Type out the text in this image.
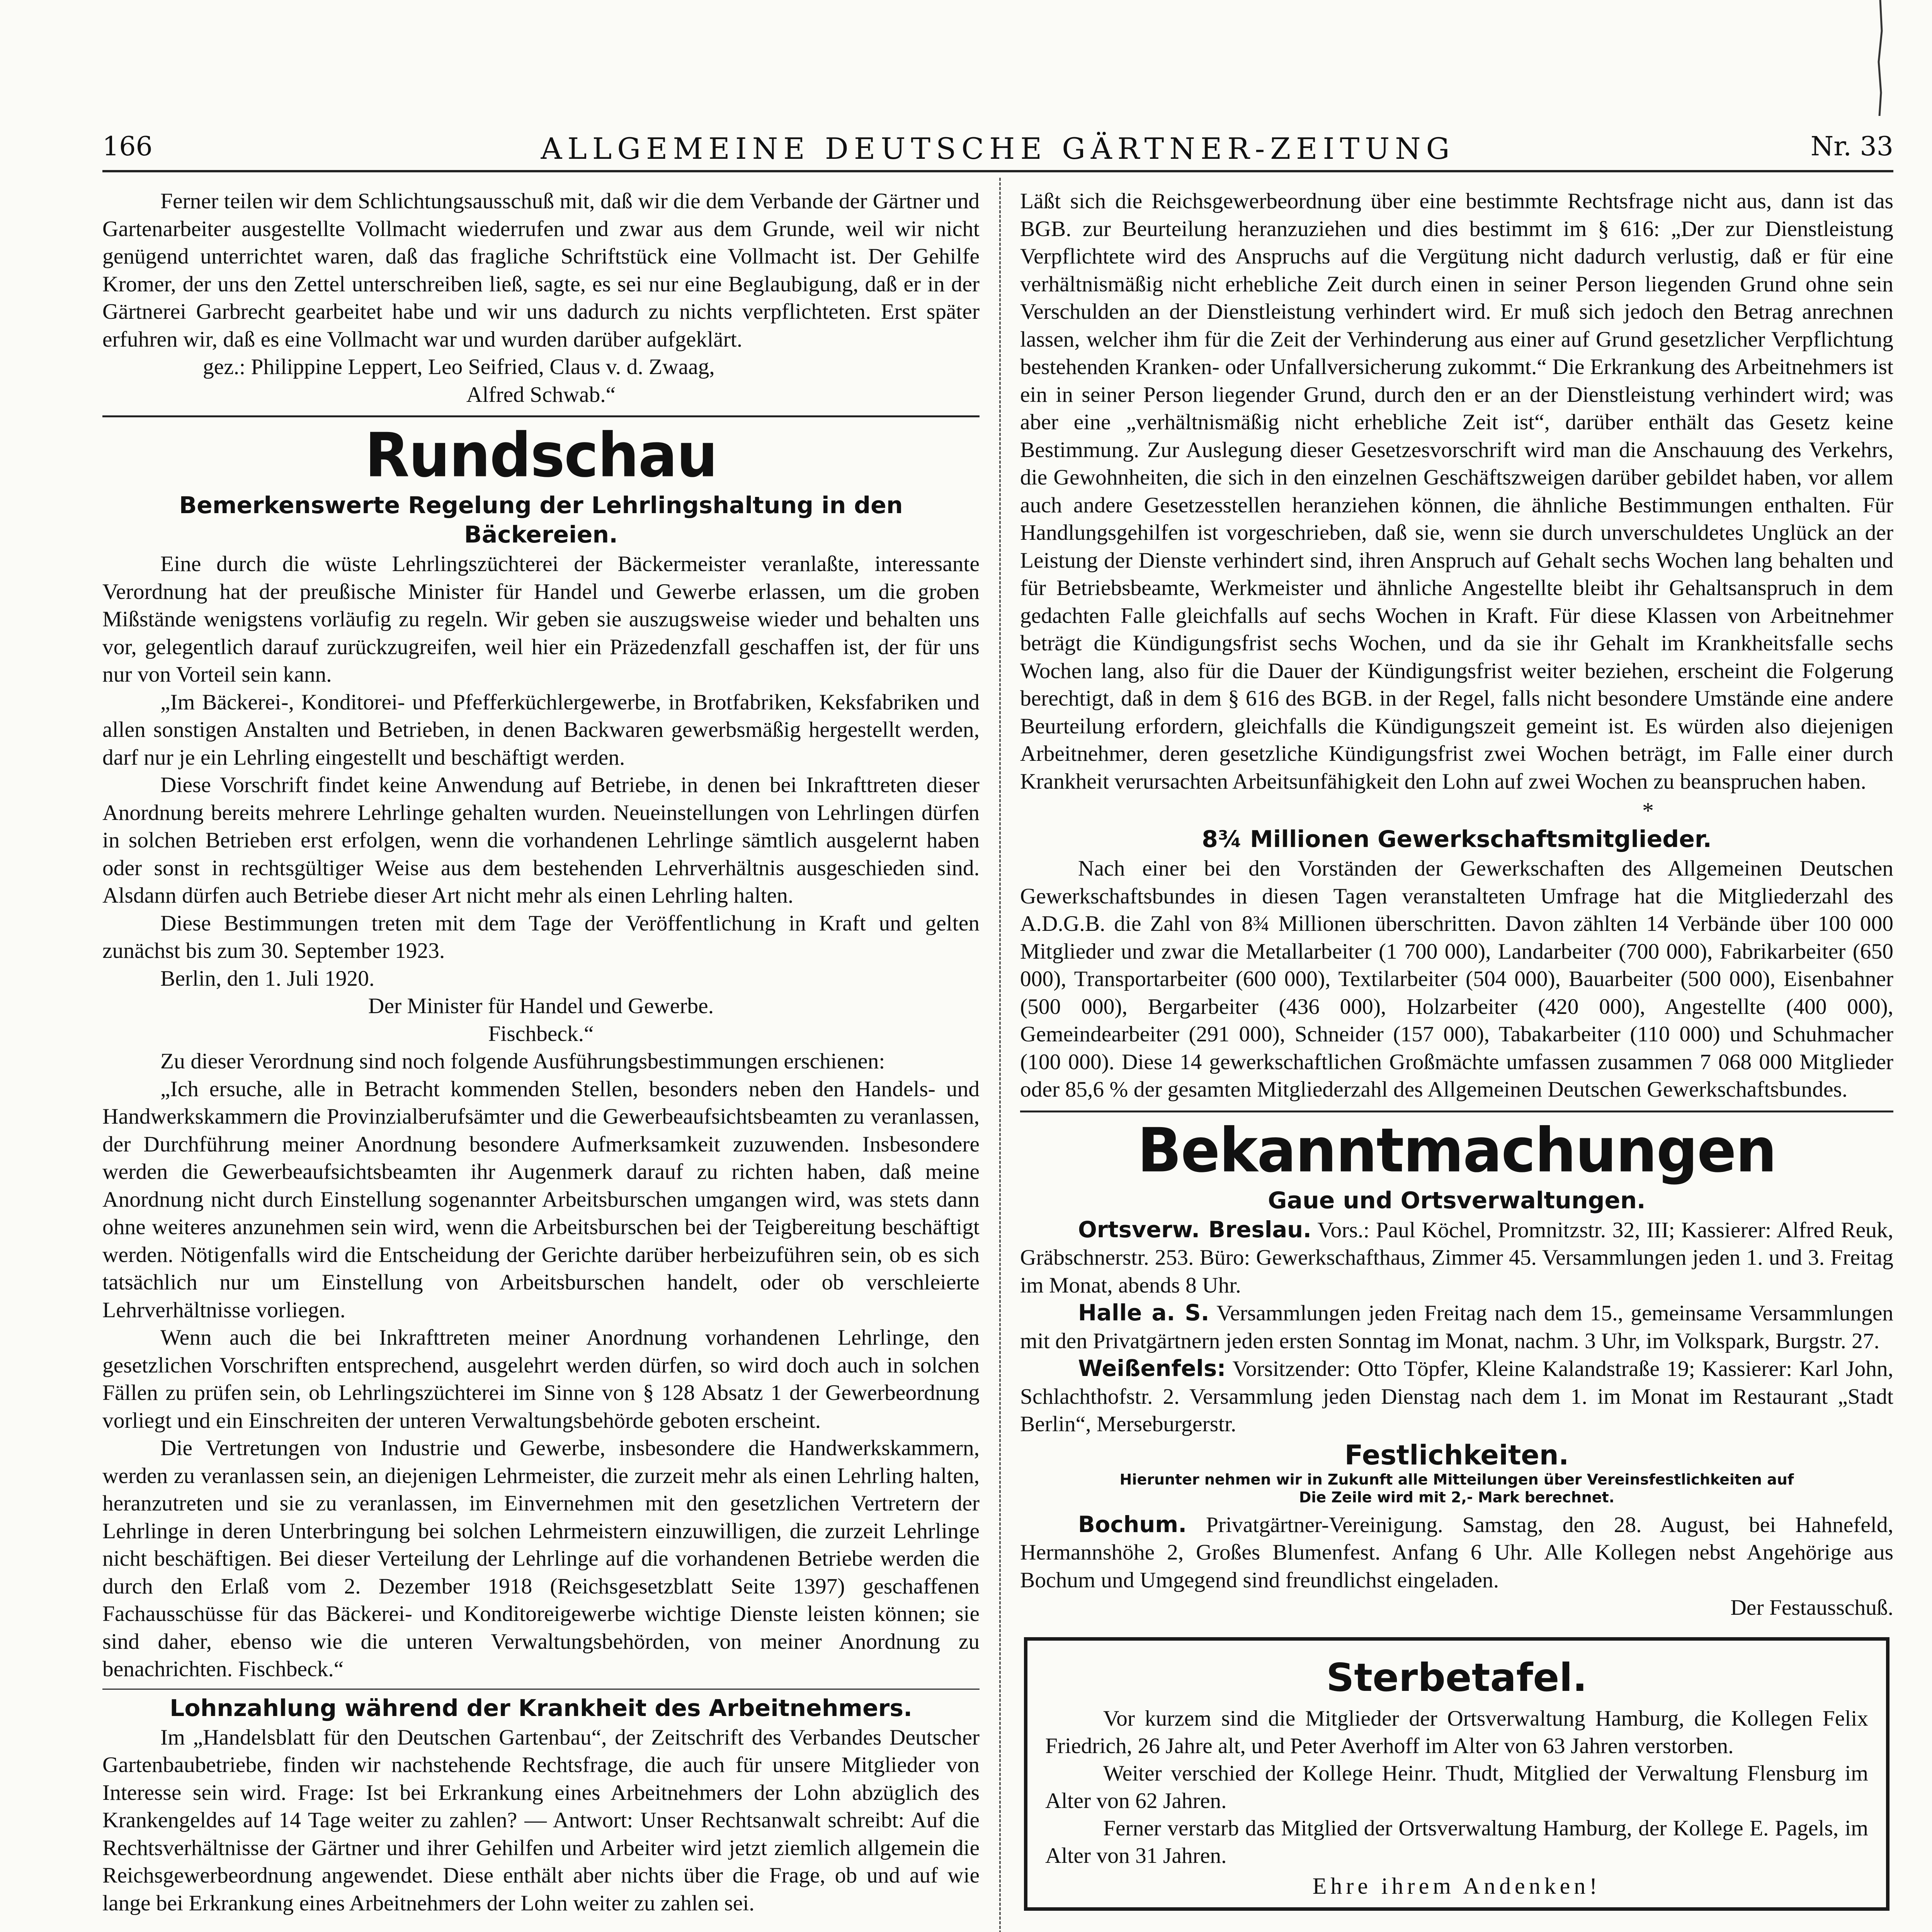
166	ALLGEMEINE DEUTSCHE GÄRTNER-ZEITUNG	Nr. 33

Ferner teilen wir dem Schlichtungsausschuß mit, daß wir die dem Verbande der Gärtner und Gartenarbeiter ausgestellte Vollmacht wiederrufen und zwar aus dem Grunde, weil wir nicht genügend unterrichtet waren, daß das fragliche Schriftstück eine Vollmacht ist. Der Gehilfe Kromer, der uns den Zettel unterschreiben ließ, sagte, es sei nur eine Beglaubigung, daß er in der Gärtnerei Garbrecht gearbeitet habe und wir uns dadurch zu nichts verpflichteten. Erst später erfuhren wir, daß es eine Vollmacht war und wurden darüber aufgeklärt.

gez.: Philippine Leppert, Leo Seifried, Claus v. d. Zwaag,

Alfred Schwab.“

Rundschau
Bemerkenswerte Regelung der Lehrlingshaltung in den Bäckereien.

Eine durch die wüste Lehrlingszüchterei der Bäckermeister veranlaßte, interessante Verordnung hat der preußische Minister für Handel und Gewerbe erlassen, um die groben Mißstände wenigstens vorläufig zu regeln. Wir geben sie auszugsweise wieder und behalten uns vor, gelegentlich darauf zurückzugreifen, weil hier ein Präzedenzfall geschaffen ist, der für uns nur von Vorteil sein kann.

„Im Bäckerei-, Konditorei- und Pfefferküchlergewerbe, in Brotfabriken, Keksfabriken und allen sonstigen Anstalten und Betrieben, in denen Backwaren gewerbsmäßig hergestellt werden, darf nur je ein Lehrling eingestellt und beschäftigt werden.

Diese Vorschrift findet keine Anwendung auf Betriebe, in denen bei Inkrafttreten dieser Anordnung bereits mehrere Lehrlinge gehalten wurden. Neueinstellungen von Lehrlingen dürfen in solchen Betrieben erst erfolgen, wenn die vorhandenen Lehrlinge sämtlich ausgelernt haben oder sonst in rechtsgültiger Weise aus dem bestehenden Lehrverhältnis ausgeschieden sind. Alsdann dürfen auch Betriebe dieser Art nicht mehr als einen Lehrling halten.

Diese Bestimmungen treten mit dem Tage der Veröffentlichung in Kraft und gelten zunächst bis zum 30. September 1923.

Berlin, den 1. Juli 1920.

Der Minister für Handel und Gewerbe.

Fischbeck.“

Zu dieser Verordnung sind noch folgende Ausführungsbestimmungen erschienen:

„Ich ersuche, alle in Betracht kommenden Stellen, besonders neben den Handels- und Handwerkskammern die Provinzialberufsämter und die Gewerbeaufsichtsbeamten zu veranlassen, der Durchführung meiner Anordnung besondere Aufmerksamkeit zuzuwenden. Insbesondere werden die Gewerbeaufsichtsbeamten ihr Augenmerk darauf zu richten haben, daß meine Anordnung nicht durch Einstellung sogenannter Arbeitsburschen umgangen wird, was stets dann ohne weiteres anzunehmen sein wird, wenn die Arbeitsburschen bei der Teigbereitung beschäftigt werden. Nötigenfalls wird die Entscheidung der Gerichte darüber herbeizuführen sein, ob es sich tatsächlich nur um Einstellung von Arbeitsburschen handelt, oder ob verschleierte Lehrverhältnisse vorliegen.

Wenn auch die bei Inkrafttreten meiner Anordnung vorhandenen Lehrlinge, den gesetzlichen Vorschriften entsprechend, ausgelehrt werden dürfen, so wird doch auch in solchen Fällen zu prüfen sein, ob Lehrlingszüchterei im Sinne von § 128 Absatz 1 der Gewerbeordnung vorliegt und ein Einschreiten der unteren Verwaltungsbehörde geboten erscheint.

Die Vertretungen von Industrie und Gewerbe, insbesondere die Handwerkskammern, werden zu veranlassen sein, an diejenigen Lehrmeister, die zurzeit mehr als einen Lehrling halten, heranzutreten und sie zu veranlassen, im Einvernehmen mit den gesetzlichen Vertretern der Lehrlinge in deren Unterbringung bei solchen Lehrmeistern einzuwilligen, die zurzeit Lehrlinge nicht beschäftigen. Bei dieser Verteilung der Lehrlinge auf die vorhandenen Betriebe werden die durch den Erlaß vom 2. Dezember 1918 (Reichsgesetzblatt Seite 1397) geschaffenen Fachausschüsse für das Bäckerei- und Konditoreigewerbe wichtige Dienste leisten können; sie sind daher, ebenso wie die unteren Verwaltungsbehörden, von meiner Anordnung zu benachrichten. Fischbeck.“

Lohnzahlung während der Krankheit des Arbeitnehmers.

Im „Handelsblatt für den Deutschen Gartenbau“, der Zeitschrift des Verbandes Deutscher Gartenbaubetriebe, finden wir nachstehende Rechtsfrage, die auch für unsere Mitglieder von Interesse sein wird. Frage: Ist bei Erkrankung eines Arbeitnehmers der Lohn abzüglich des Krankengeldes auf 14 Tage weiter zu zahlen? — Antwort: Unser Rechtsanwalt schreibt: Auf die Rechtsverhältnisse der Gärtner und ihrer Gehilfen und Arbeiter wird jetzt ziemlich allgemein die Reichsgewerbeordnung angewendet. Diese enthält aber nichts über die Frage, ob und auf wie lange bei Erkrankung eines Arbeitnehmers der Lohn weiter zu zahlen sei.

Läßt sich die Reichsgewerbeordnung über eine bestimmte Rechtsfrage nicht aus, dann ist das BGB. zur Beurteilung heranzuziehen und dies bestimmt im § 616: „Der zur Dienstleistung Verpflichtete wird des Anspruchs auf die Vergütung nicht dadurch verlustig, daß er für eine verhältnismäßig nicht erhebliche Zeit durch einen in seiner Person liegenden Grund ohne sein Verschulden an der Dienstleistung verhindert wird. Er muß sich jedoch den Betrag anrechnen lassen, welcher ihm für die Zeit der Verhinderung aus einer auf Grund gesetzlicher Verpflichtung bestehenden Kranken- oder Unfallversicherung zukommt.“ Die Erkrankung des Arbeitnehmers ist ein in seiner Person liegender Grund, durch den er an der Dienstleistung verhindert wird; was aber eine „verhältnismäßig nicht erhebliche Zeit ist“, darüber enthält das Gesetz keine Bestimmung. Zur Auslegung dieser Gesetzesvorschrift wird man die Anschauung des Verkehrs, die Gewohnheiten, die sich in den einzelnen Geschäftszweigen darüber gebildet haben, vor allem auch andere Gesetzesstellen heranziehen können, die ähnliche Bestimmungen enthalten. Für Handlungsgehilfen ist vorgeschrieben, daß sie, wenn sie durch unverschuldetes Unglück an der Leistung der Dienste verhindert sind, ihren Anspruch auf Gehalt sechs Wochen lang behalten und für Betriebsbeamte, Werkmeister und ähnliche Angestellte bleibt ihr Gehaltsanspruch in dem gedachten Falle gleichfalls auf sechs Wochen in Kraft. Für diese Klassen von Arbeitnehmer beträgt die Kündigungsfrist sechs Wochen, und da sie ihr Gehalt im Krankheitsfalle sechs Wochen lang, also für die Dauer der Kündigungsfrist weiter beziehen, erscheint die Folgerung berechtigt, daß in dem § 616 des BGB. in der Regel, falls nicht besondere Umstände eine andere Beurteilung erfordern, gleichfalls die Kündigungszeit gemeint ist. Es würden also diejenigen Arbeitnehmer, deren gesetzliche Kündigungsfrist zwei Wochen beträgt, im Falle einer durch Krankheit verursachten Arbeitsunfähigkeit den Lohn auf zwei Wochen zu beanspruchen haben.

*
8¾ Millionen Gewerkschaftsmitglieder.

Nach einer bei den Vorständen der Gewerkschaften des Allgemeinen Deutschen Gewerkschaftsbundes in diesen Tagen veranstalteten Umfrage hat die Mitgliederzahl des A.D.G.B. die Zahl von 8¾ Millionen überschritten. Davon zählten 14 Verbände über 100 000 Mitglieder und zwar die Metallarbeiter (1 700 000), Landarbeiter (700 000), Fabrikarbeiter (650 000), Transportarbeiter (600 000), Textilarbeiter (504 000), Bauarbeiter (500 000), Eisenbahner (500 000), Bergarbeiter (436 000), Holzarbeiter (420 000), Angestellte (400 000), Gemeindearbeiter (291 000), Schneider (157 000), Tabakarbeiter (110 000) und Schuhmacher (100 000). Diese 14 gewerkschaftlichen Großmächte umfassen zusammen 7 068 000 Mitglieder oder 85,6 % der gesamten Mitgliederzahl des Allgemeinen Deutschen Gewerkschaftsbundes.

Bekanntmachungen
Gaue und Ortsverwaltungen.

Ortsverw. Breslau. Vors.: Paul Köchel, Promnitzstr. 32, III; Kassierer: Alfred Reuk, Gräbschnerstr. 253. Büro: Gewerkschafthaus, Zimmer 45. Versammlungen jeden 1. und 3. Freitag im Monat, abends 8 Uhr.

Halle a. S. Versammlungen jeden Freitag nach dem 15., gemeinsame Versammlungen mit den Privatgärtnern jeden ersten Sonntag im Monat, nachm. 3 Uhr, im Volkspark, Burgstr. 27.

Weißenfels: Vorsitzender: Otto Töpfer, Kleine Kalandstraße 19; Kassierer: Karl John, Schlachthofstr. 2. Versammlung jeden Dienstag nach dem 1. im Monat im Restaurant „Stadt Berlin“, Merseburgerstr.

Festlichkeiten.
Hierunter nehmen wir in Zukunft alle Mitteilungen über Vereinsfestlichkeiten auf
Die Zeile wird mit 2,- Mark berechnet.

Bochum. Privatgärtner-Vereinigung. Samstag, den 28. August, bei Hahnefeld, Hermannshöhe 2, Großes Blumenfest. Anfang 6 Uhr. Alle Kollegen nebst Angehörige aus Bochum und Umgegend sind freundlichst eingeladen.

Der Festausschuß.

Sterbetafel.

Vor kurzem sind die Mitglieder der Ortsverwaltung Hamburg, die Kollegen Felix Friedrich, 26 Jahre alt, und Peter Averhoff im Alter von 63 Jahren verstorben.

Weiter verschied der Kollege Heinr. Thudt, Mitglied der Verwaltung Flensburg im Alter von 62 Jahren.

Ferner verstarb das Mitglied der Ortsverwaltung Hamburg, der Kollege E. Pagels, im Alter von 31 Jahren.

Ehre ihrem Andenken!
